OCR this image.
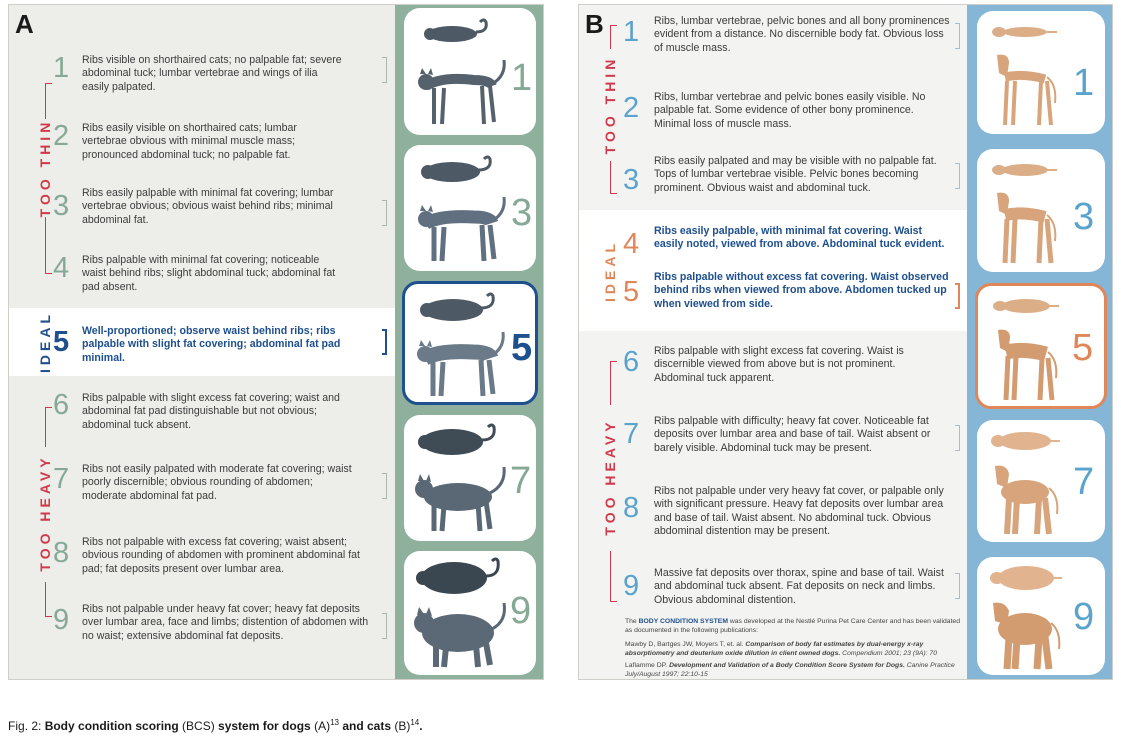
A
TOO THIN
IDEAL
TOO HEAVY
1 Ribs visible on shorthaired cats; no palpable fat; severe abdominal tuck; lumbar vertebrae and wings of ilia easily palpated.
2 Ribs easily visible on shorthaired cats; lumbar vertebrae obvious with minimal muscle mass; pronounced abdominal tuck; no palpable fat.
3 Ribs easily palpable with minimal fat covering; lumbar vertebrae obvious; obvious waist behind ribs; minimal abdominal fat.
4 Ribs palpable with minimal fat covering; noticeable waist behind ribs; slight abdominal tuck; abdominal fat pad absent.
5 Well-proportioned; observe waist behind ribs; ribs palpable with slight fat covering; abdominal fat pad minimal.
6 Ribs palpable with slight excess fat covering; waist and abdominal fat pad distinguishable but not obvious; abdominal tuck absent.
7 Ribs not easily palpated with moderate fat covering; waist poorly discernible; obvious rounding of abdomen; moderate abdominal fat pad.
8 Ribs not palpable with excess fat covering; waist absent; obvious rounding of abdomen with prominent abdominal fat pad; fat deposits present over lumbar area.
9 Ribs not palpable under heavy fat cover; heavy fat deposits over lumbar area, face and limbs; distention of abdomen with no waist; extensive abdominal fat deposits.
1
3
5
7
9
B
TOO THIN
IDEAL
TOO HEAVY
1 Ribs, lumbar vertebrae, pelvic bones and all bony prominences evident from a distance. No discernible body fat. Obvious loss of muscle mass.
2 Ribs, lumbar vertebrae and pelvic bones easily visible. No palpable fat. Some evidence of other bony prominence. Minimal loss of muscle mass.
3
Ribs easily palpated and may be visible with no palpable fat. Tops of lumbar vertebrae visible. Pelvic bones becoming prominent. Obvious waist and abdominal tuck.
4 Ribs easily palpable, with minimal fat covering. Waist easily noted, viewed from above. Abdominal tuck evident.
5 Ribs palpable without excess fat covering. Waist observed behind ribs when viewed from above. Abdomen tucked up when viewed from side.
6 Ribs palpable with slight excess fat covering. Waist is discernible viewed from above but is not prominent. Abdominal tuck apparent.
7 Ribs palpable with difficulty; heavy fat cover. Noticeable fat deposits over lumbar area and base of tail. Waist absent or barely visible. Abdominal tuck may be present.
8
Ribs not palpable under very heavy fat cover, or palpable only with significant pressure. Heavy fat deposits over lumbar area and base of tail. Waist absent. No abdominal tuck. Obvious abdominal distention may be present.
9 Massive fat deposits over thorax, spine and base of tail. Waist and abdominal tuck absent. Fat deposits on neck and limbs. Obvious abdominal distention.
The BODY CONDITION SYSTEM was developed at the Nestlé Purina Pet Care Center and has been validated as documented in the following publications:
Mawby D, Bartges JW, Moyers T, et. al. Comparison of body fat estimates by dual-energy x-ray absorptiometry and deuterium oxide dilution in client owned dogs. Compendium 2001; 23 (9A): 70
Laflamme DP. Development and Validation of a Body Condition Score System for Dogs. Canine Practice July/August 1997; 22:10-15
1
3
5
7
9
Fig. 2: Body condition scoring (BCS) system for dogs $(A)^{13}$ and cats $(B)^{14}$.
